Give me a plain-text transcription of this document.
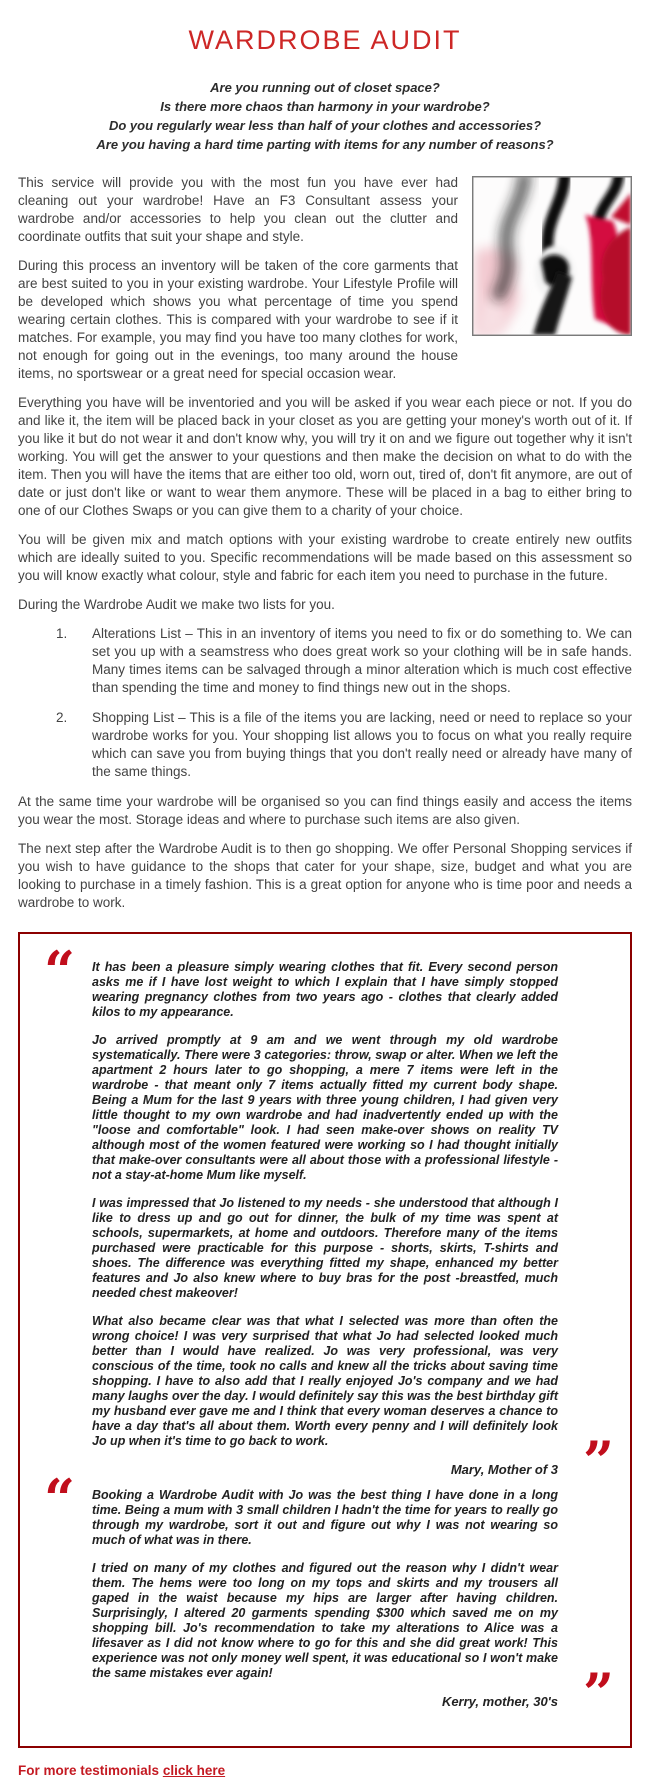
WARDROBE AUDIT
Are you running out of closet space?
Is there more chaos than harmony in your wardrobe?
Do you regularly wear less than half of your clothes and accessories?
Are you having a hard time parting with items for any number of reasons?

This service will provide you with the most fun you have ever had cleaning out your wardrobe! Have an F3 Consultant assess your wardrobe and/or accessories to help you clean out the clutter and coordinate outfits that suit your shape and style.

During this process an inventory will be taken of the core garments that are best suited to you in your existing wardrobe. Your Lifestyle Profile will be developed which shows you what percentage of time you spend wearing certain clothes. This is compared with your wardrobe to see if it matches. For example, you may find you have too many clothes for work, not enough for going out in the evenings, too many around the house items, no sportswear or a great need for special occasion wear.

Everything you have will be inventoried and you will be asked if you wear each piece or not. If you do and like it, the item will be placed back in your closet as you are getting your money's worth out of it. If you like it but do not wear it and don't know why, you will try it on and we figure out together why it isn't working. You will get the answer to your questions and then make the decision on what to do with the item. Then you will have the items that are either too old, worn out, tired of, don't fit anymore, are out of date or just don't like or want to wear them anymore. These will be placed in a bag to either bring to one of our Clothes Swaps or you can give them to a charity of your choice.

You will be given mix and match options with your existing wardrobe to create entirely new outfits which are ideally suited to you. Specific recommendations will be made based on this assessment so you will know exactly what colour, style and fabric for each item you need to purchase in the future.

During the Wardrobe Audit we make two lists for you.

1. Alterations List – This in an inventory of items you need to fix or do something to. We can set you up with a seamstress who does great work so your clothing will be in safe hands. Many times items can be salvaged through a minor alteration which is much cost effective than spending the time and money to find things new out in the shops.
2. Shopping List – This is a file of the items you are lacking, need or need to replace so your wardrobe works for you. Your shopping list allows you to focus on what you really require which can save you from buying things that you don't really need or already have many of the same things.

At the same time your wardrobe will be organised so you can find things easily and access the items you wear the most. Storage ideas and where to purchase such items are also given.

The next step after the Wardrobe Audit is to then go shopping. We offer Personal Shopping services if you wish to have guidance to the shops that cater for your shape, size, budget and what you are looking to purchase in a timely fashion. This is a great option for anyone who is time poor and needs a wardrobe to work.

“

It has been a pleasure simply wearing clothes that fit. Every second person asks me if I have lost weight to which I explain that I have simply stopped wearing pregnancy clothes from two years ago - clothes that clearly added kilos to my appearance.

Jo arrived promptly at 9 am and we went through my old wardrobe systematically. There were 3 categories: throw, swap or alter. When we left the apartment 2 hours later to go shopping, a mere 7 items were left in the wardrobe - that meant only 7 items actually fitted my current body shape. Being a Mum for the last 9 years with three young children, I had given very little thought to my own wardrobe and had inadvertently ended up with the "loose and comfortable" look. I had seen make-over shows on reality TV although most of the women featured were working so I had thought initially that make-over consultants were all about those with a professional lifestyle - not a stay-at-home Mum like myself.

I was impressed that Jo listened to my needs - she understood that although I like to dress up and go out for dinner, the bulk of my time was spent at schools, supermarkets, at home and outdoors. Therefore many of the items purchased were practicable for this purpose - shorts, skirts, T-shirts and shoes. The difference was everything fitted my shape, enhanced my better features and Jo also knew where to buy bras for the post -breastfed, much needed chest makeover!

What also became clear was that what I selected was more than often the wrong choice! I was very surprised that what Jo had selected looked much better than I would have realized. Jo was very professional, was very conscious of the time, took no calls and knew all the tricks about saving time shopping. I have to also add that I really enjoyed Jo's company and we had many laughs over the day. I would definitely say this was the best birthday gift my husband ever gave me and I think that every woman deserves a chance to have a day that's all about them. Worth every penny and I will definitely look Jo up when it's time to go back to work.

Mary, Mother of 3
”
“

Booking a Wardrobe Audit with Jo was the best thing I have done in a long time. Being a mum with 3 small children I hadn't the time for years to really go through my wardrobe, sort it out and figure out why I was not wearing so much of what was in there.

I tried on many of my clothes and figured out the reason why I didn't wear them. The hems were too long on my tops and skirts and my trousers all gaped in the waist because my hips are larger after having children. Surprisingly, I altered 20 garments spending $300 which saved me on my shopping bill. Jo's recommendation to take my alterations to Alice was a lifesaver as I did not know where to go for this and she did great work! This experience was not only money well spent, it was educational so I won't make the same mistakes ever again!

Kerry, mother, 30's
”

For more testimonials click here
